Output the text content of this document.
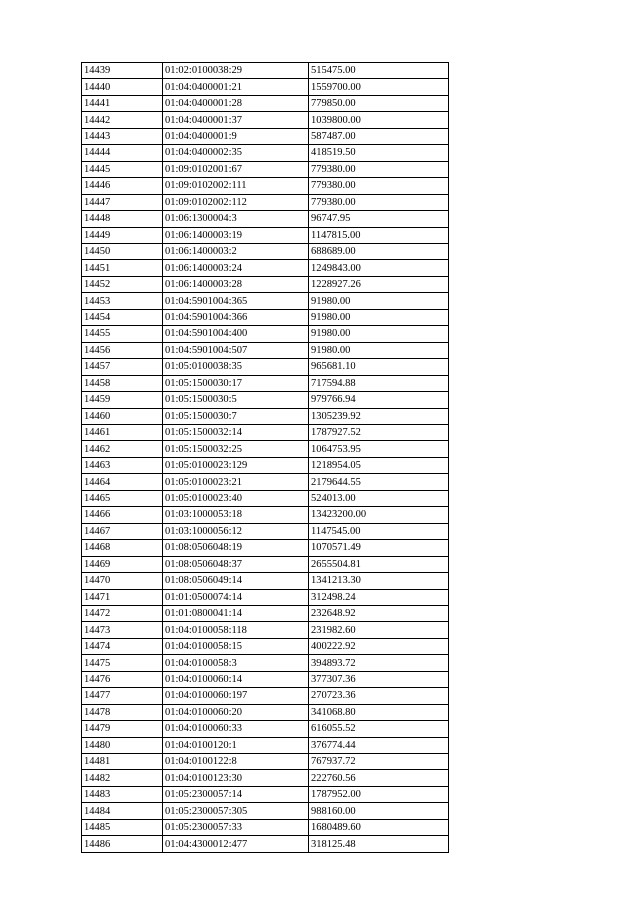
14439	01:02:0100038:29	515475.00
14440	01:04:0400001:21	1559700.00
14441	01:04:0400001:28	779850.00
14442	01:04:0400001:37	1039800.00
14443	01:04:0400001:9	587487.00
14444	01:04:0400002:35	418519.50
14445	01:09:0102001:67	779380.00
14446	01:09:0102002:111	779380.00
14447	01:09:0102002:112	779380.00
14448	01:06:1300004:3	96747.95
14449	01:06:1400003:19	1147815.00
14450	01:06:1400003:2	688689.00
14451	01:06:1400003:24	1249843.00
14452	01:06:1400003:28	1228927.26
14453	01:04:5901004:365	91980.00
14454	01:04:5901004:366	91980.00
14455	01:04:5901004:400	91980.00
14456	01:04:5901004:507	91980.00
14457	01:05:0100038:35	965681.10
14458	01:05:1500030:17	717594.88
14459	01:05:1500030:5	979766.94
14460	01:05:1500030:7	1305239.92
14461	01:05:1500032:14	1787927.52
14462	01:05:1500032:25	1064753.95
14463	01:05:0100023:129	1218954.05
14464	01:05:0100023:21	2179644.55
14465	01:05:0100023:40	524013.00
14466	01:03:1000053:18	13423200.00
14467	01:03:1000056:12	1147545.00
14468	01:08:0506048:19	1070571.49
14469	01:08:0506048:37	2655504.81
14470	01:08:0506049:14	1341213.30
14471	01:01:0500074:14	312498.24
14472	01:01:0800041:14	232648.92
14473	01:04:0100058:118	231982.60
14474	01:04:0100058:15	400222.92
14475	01:04:0100058:3	394893.72
14476	01:04:0100060:14	377307.36
14477	01:04:0100060:197	270723.36
14478	01:04:0100060:20	341068.80
14479	01:04:0100060:33	616055.52
14480	01:04:0100120:1	376774.44
14481	01:04:0100122:8	767937.72
14482	01:04:0100123:30	222760.56
14483	01:05:2300057:14	1787952.00
14484	01:05:2300057:305	988160.00
14485	01:05:2300057:33	1680489.60
14486	01:04:4300012:477	318125.48
